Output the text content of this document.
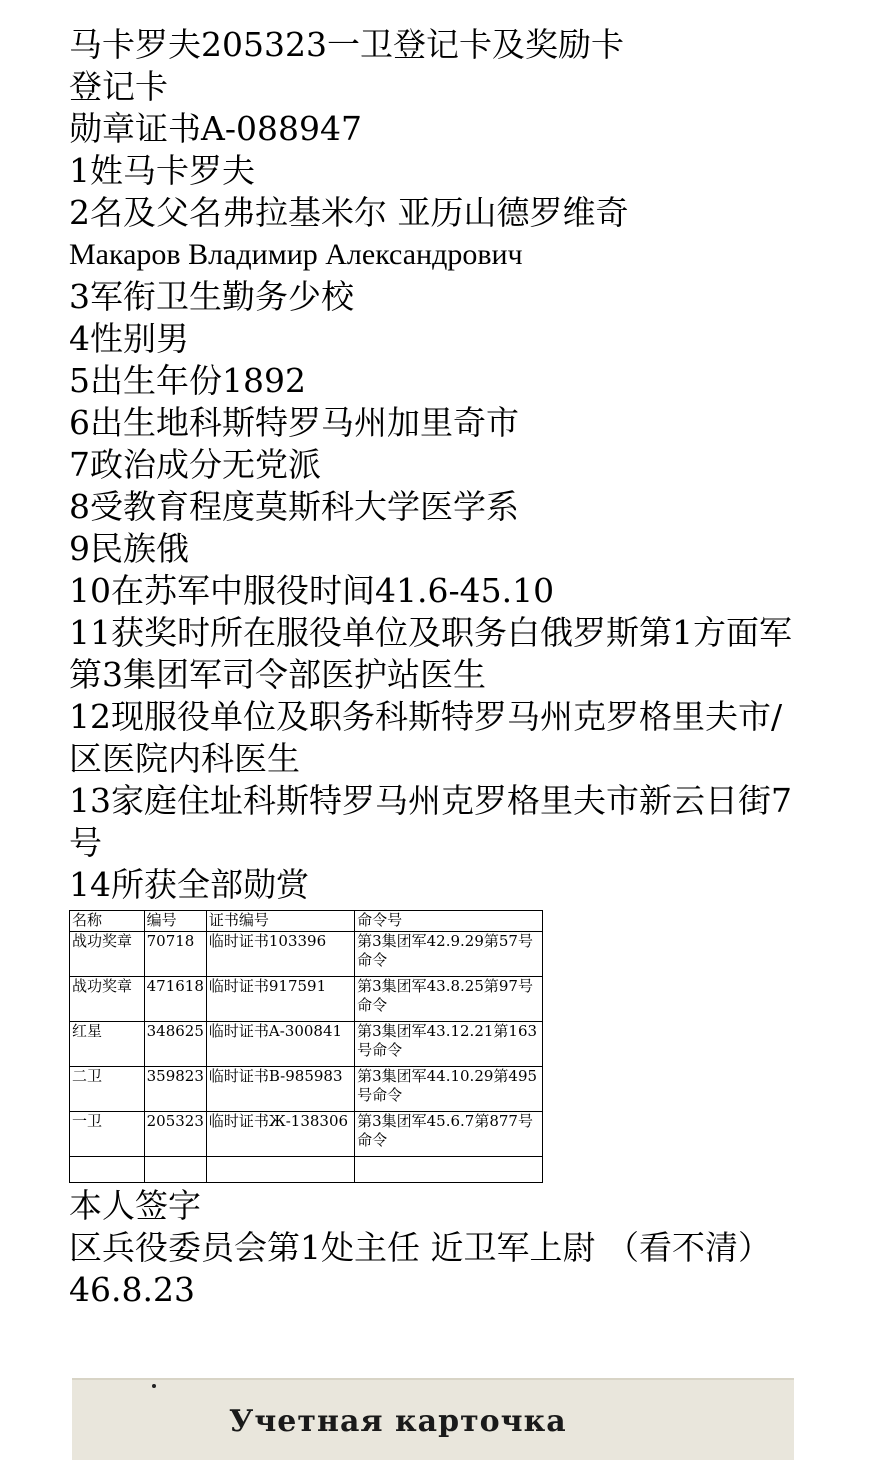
马卡罗夫205323一卫登记卡及奖励卡
登记卡
勋章证书A-088947
1姓马卡罗夫
2名及父名弗拉基米尔 亚历山德罗维奇
Макаров Владимир Александрович
3军衔卫生勤务少校
4性别男
5出生年份1892
6出生地科斯特罗马州加里奇市
7政治成分无党派
8受教育程度莫斯科大学医学系
9民族俄
10在苏军中服役时间41.6-45.10
11获奖时所在服役单位及职务白俄罗斯第1方面军第3集团军司令部医护站医生
12现服役单位及职务科斯特罗马州克罗格里夫市/区医院内科医生
13家庭住址科斯特罗马州克罗格里夫市新云日街7号
14所获全部勋赏
名称	编号	证书编号	命令号
战功奖章	70718	临时证书103396	第3集团军42.9.29第57号命令
战功奖章	471618	临时证书917591	第3集团军43.8.25第97号命令
红星	348625	临时证书A-300841	第3集团军43.12.21第163号命令
二卫	359823	临时证书B-985983	第3集团军44.10.29第495号命令
一卫	205323	临时证书Ж-138306	第3集团军45.6.7第877号命令

本人签字
区兵役委员会第1处主任 近卫军上尉 （看不清）
46.8.23
Учетная карточка
